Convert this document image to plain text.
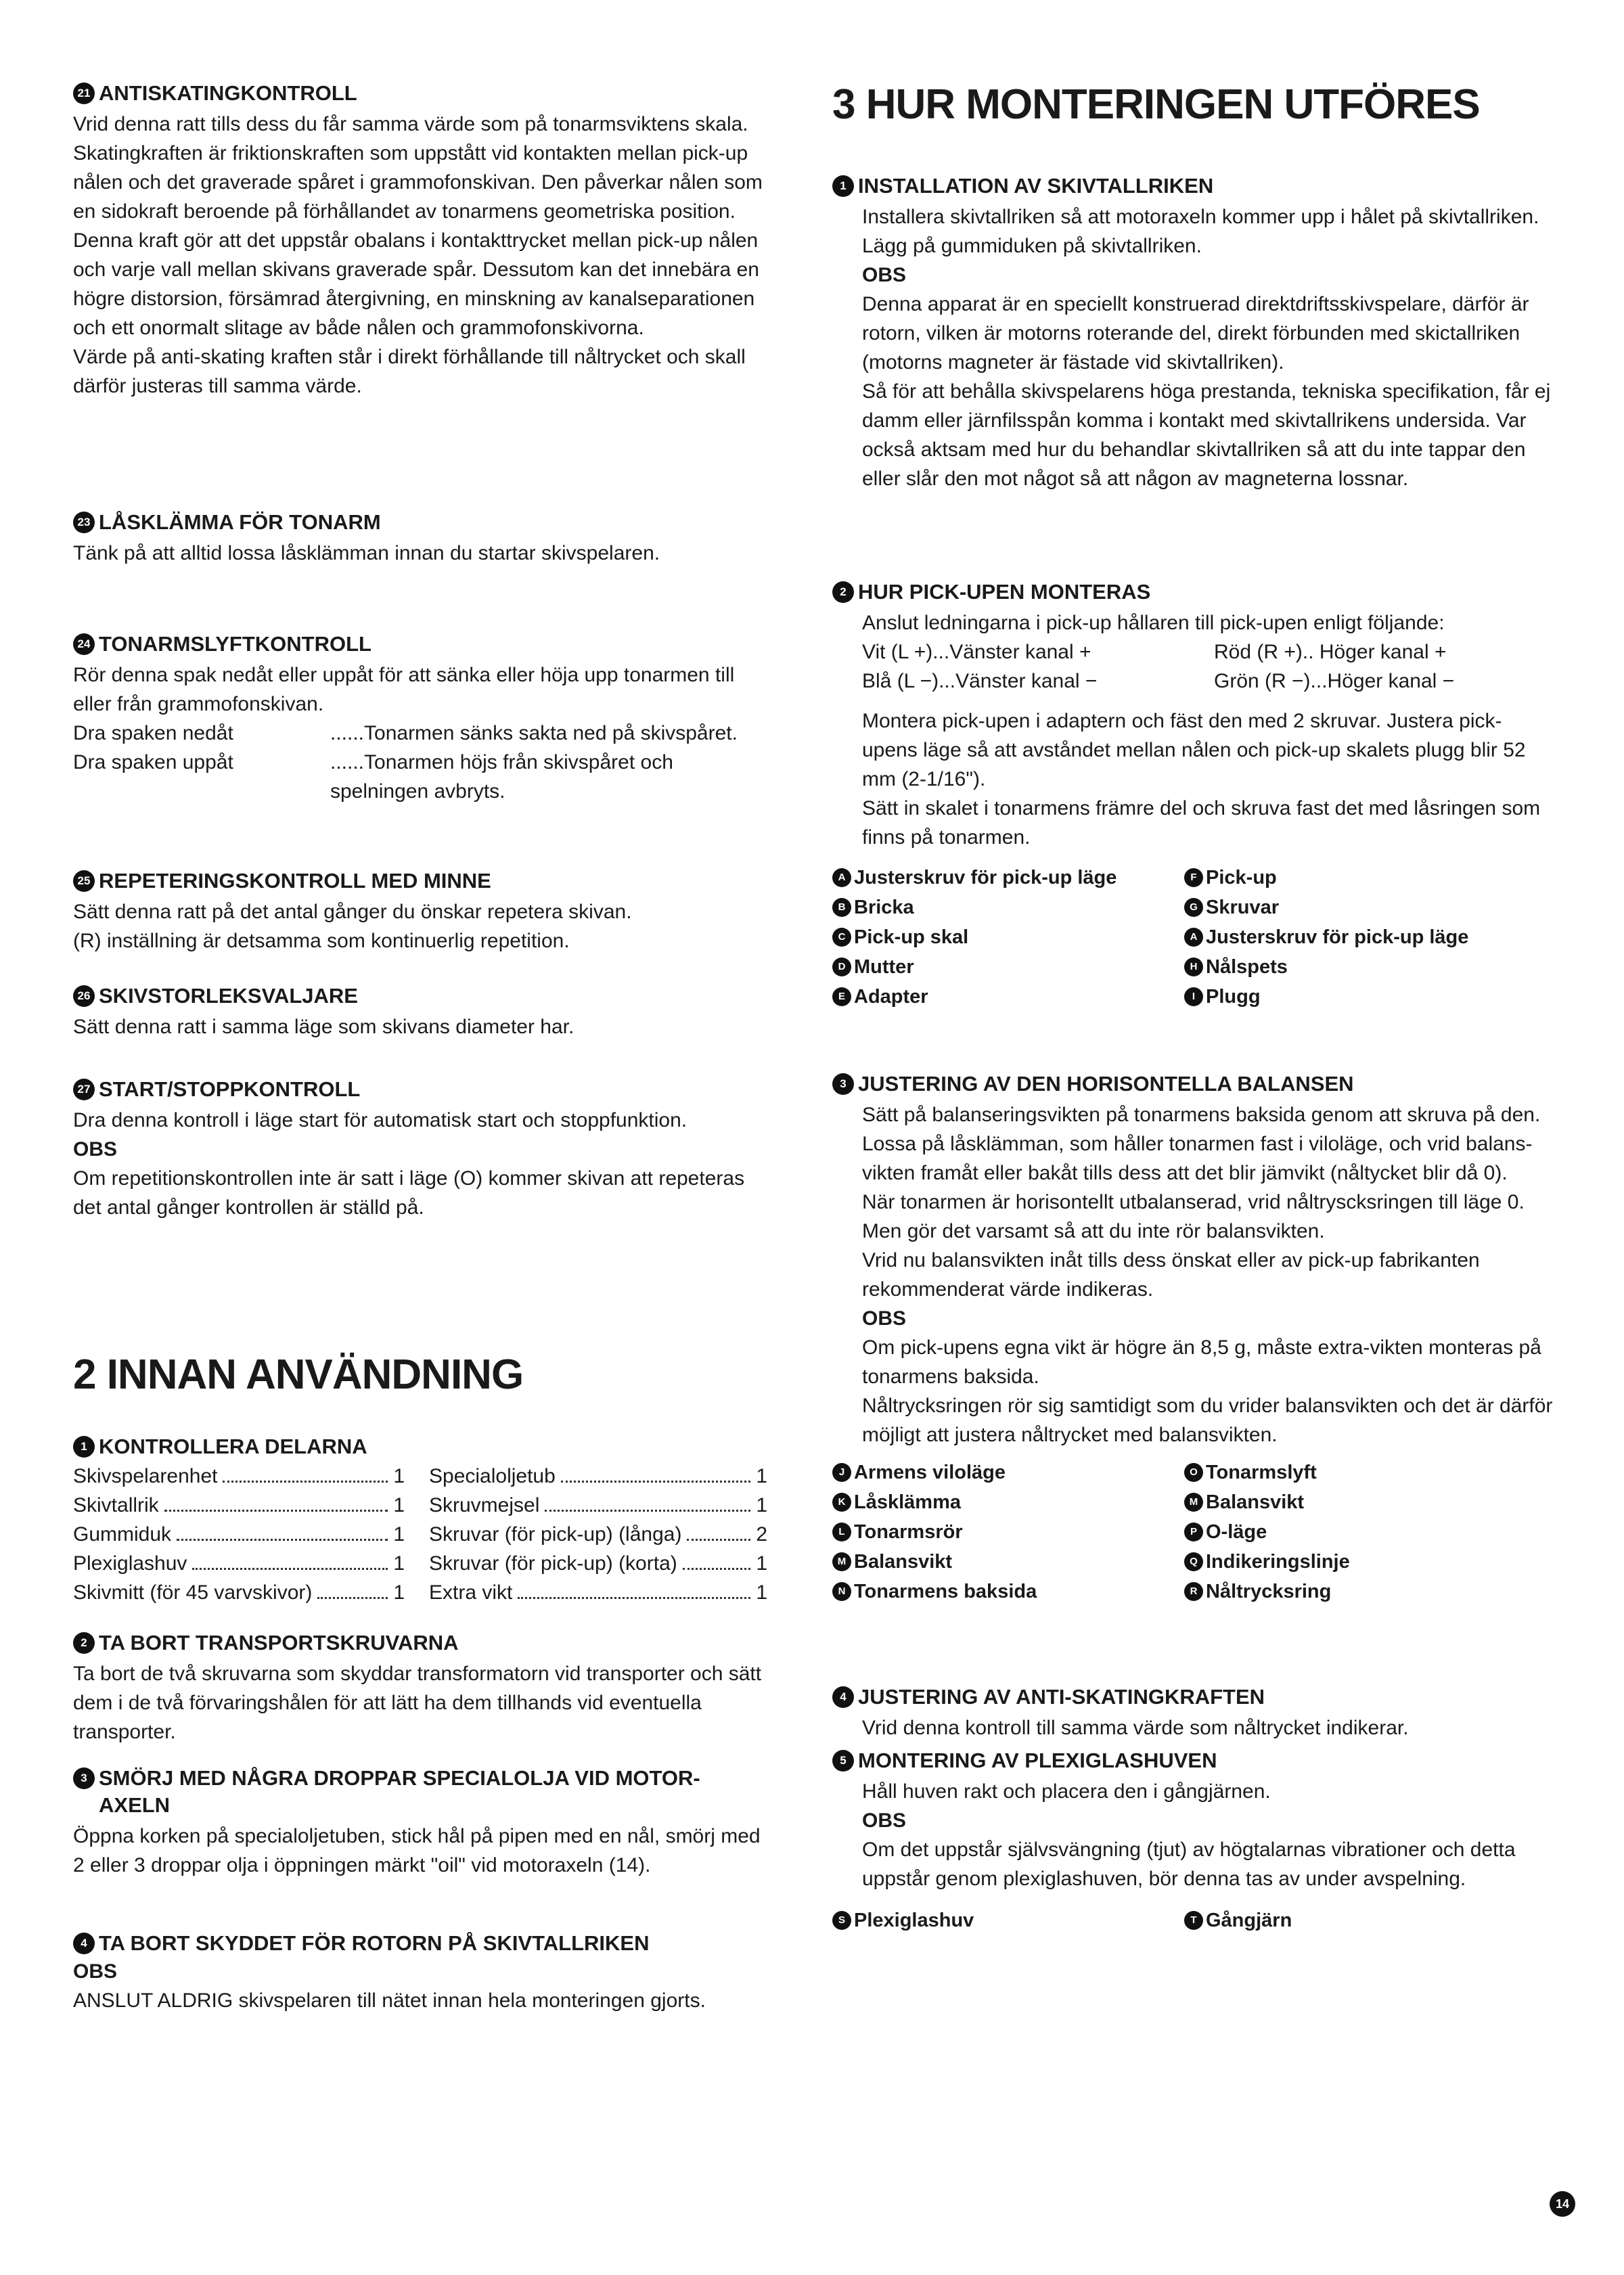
21 ANTISKATINGKONTROLL

Vrid denna ratt tills dess du får samma värde som på tonarmsviktens skala.

Skatingkraften är friktionskraften som uppstått vid kontakten mellan pick-up nålen och det graverade spåret i grammofonskivan. Den påverkar nålen som en sidokraft beroende på förhållandet av tonarmens geometriska position.

Denna kraft gör att det uppstår obalans i kontakttrycket mellan pick-up nålen och varje vall mellan skivans graverade spår. Dessutom kan det innebära en högre distorsion, försämrad återgivning, en minskning av kanalseparationen och ett onormalt slitage av både nålen och grammofonskivorna.

Värde på anti-skating kraften står i direkt förhållande till nåltrycket och skall därför justeras till samma värde.

23 LÅSKLÄMMA FÖR TONARM

Tänk på att alltid lossa låsklämman innan du startar skivspelaren.

24 TONARMSLYFTKONTROLL

Rör denna spak nedåt eller uppåt för att sänka eller höja upp tonarmen till eller från grammofonskivan.

Dra spaken nedåt	......Tonarmen sänks sakta ned på skivspåret.
Dra spaken uppåt	......Tonarmen höjs från skivspåret och spelningen avbryts.
25 REPETERINGSKONTROLL MED MINNE

Sätt denna ratt på det antal gånger du önskar repetera skivan.

(R) inställning är detsamma som kontinuerlig repetition.

26 SKIVSTORLEKSVALJARE

Sätt denna ratt i samma läge som skivans diameter har.

27 START/STOPPKONTROLL

Dra denna kontroll i läge start för automatisk start och stoppfunktion.

OBS

Om repetitionskontrollen inte är satt i läge (O) kommer skivan att repeteras det antal gånger kontrollen är ställd på.

2 INNAN ANVÄNDNING
1 KONTROLLERA DELARNA
Skivspelarenhet	1
Skivtallrik	1
Gummiduk	1
Plexiglashuv	1
Skivmitt (för 45 varvskivor)	1
Specialoljetub	1
Skruvmejsel	1
Skruvar (för pick-up) (långa)	2
Skruvar (för pick-up) (korta)	1
Extra vikt	1
2 TA BORT TRANSPORTSKRUVARNA

Ta bort de två skruvarna som skyddar transformatorn vid transporter och sätt dem i de två förvaringshålen för att lätt ha dem tillhands vid eventuella transporter.

3 SMÖRJ MED NÅGRA DROPPAR SPECIALOLJA VID MOTOR-
AXELN

Öppna korken på specialoljetuben, stick hål på pipen med en nål, smörj med 2 eller 3 droppar olja i öppningen märkt "oil" vid motoraxeln (14).

4 TA BORT SKYDDET FÖR ROTORN PÅ SKIVTALLRIKEN

OBS

ANSLUT ALDRIG skivspelaren till nätet innan hela monteringen gjorts.

3 HUR MONTERINGEN UTFÖRES
1 INSTALLATION AV SKIVTALLRIKEN

Installera skivtallriken så att motoraxeln kommer upp i hålet på skivtallriken. Lägg på gummiduken på skivtallriken.

OBS

Denna apparat är en speciellt konstruerad direktdriftsskivspelare, därför är rotorn, vilken är motorns roterande del, direkt förbunden med skictallriken (motorns magneter är fästade vid skivtallriken).

Så för att behålla skivspelarens höga prestanda, tekniska specifikation, får ej damm eller järnfilsspån komma i kontakt med skivtallrikens undersida. Var också aktsam med hur du behandlar skivtallriken så att du inte tappar den eller slår den mot något så att någon av magneterna lossnar.

2 HUR PICK-UPEN MONTERAS

Anslut ledningarna i pick-up hållaren till pick-upen enligt följande:

Vit (L +)...Vänster kanal +	Röd (R +).. Höger kanal +
Blå (L −)...Vänster kanal −	Grön (R −)...Höger kanal −

Montera pick-upen i adaptern och fäst den med 2 skruvar. Justera pick-upens läge så att avståndet mellan nålen och pick-up skalets plugg blir 52 mm (2-1/16").

Sätt in skalet i tonarmens främre del och skruva fast det med låsringen som finns på tonarmen.

A Justerskruv för pick-up läge	F Pick-up
B Bricka	G Skruvar
C Pick-up skal	A Justerskruv för pick-up läge
D Mutter	H Nålspets
E Adapter	I Plugg
3 JUSTERING AV DEN HORISONTELLA BALANSEN

Sätt på balanseringsvikten på tonarmens baksida genom att skruva på den.

Lossa på låsklämman, som håller tonarmen fast i viloläge, och vrid balans-vikten framåt eller bakåt tills dess att det blir jämvikt (nåltycket blir då 0).

När tonarmen är horisontellt utbalanserad, vrid nåltryscksringen till läge 0. Men gör det varsamt så att du inte rör balansvikten.

Vrid nu balansvikten inåt tills dess önskat eller av pick-up fabrikanten rekommenderat värde indikeras.

OBS

Om pick-upens egna vikt är högre än 8,5 g, måste extra-vikten monteras på tonarmens baksida.

Nåltrycksringen rör sig samtidigt som du vrider balansvikten och det är därför möjligt att justera nåltrycket med balansvikten.

J Armens viloläge	O Tonarmslyft
K Låsklämma	M Balansvikt
L Tonarmsrör	P O-läge
M Balansvikt	Q Indikeringslinje
N Tonarmens baksida	R Nåltrycksring
4 JUSTERING AV ANTI-SKATINGKRAFTEN

Vrid denna kontroll till samma värde som nåltrycket indikerar.

5 MONTERING AV PLEXIGLASHUVEN

Håll huven rakt och placera den i gångjärnen.

OBS

Om det uppstår självsvängning (tjut) av högtalarnas vibrationer och detta uppstår genom plexiglashuven, bör denna tas av under avspelning.

S Plexiglashuv	T Gångjärn
14
